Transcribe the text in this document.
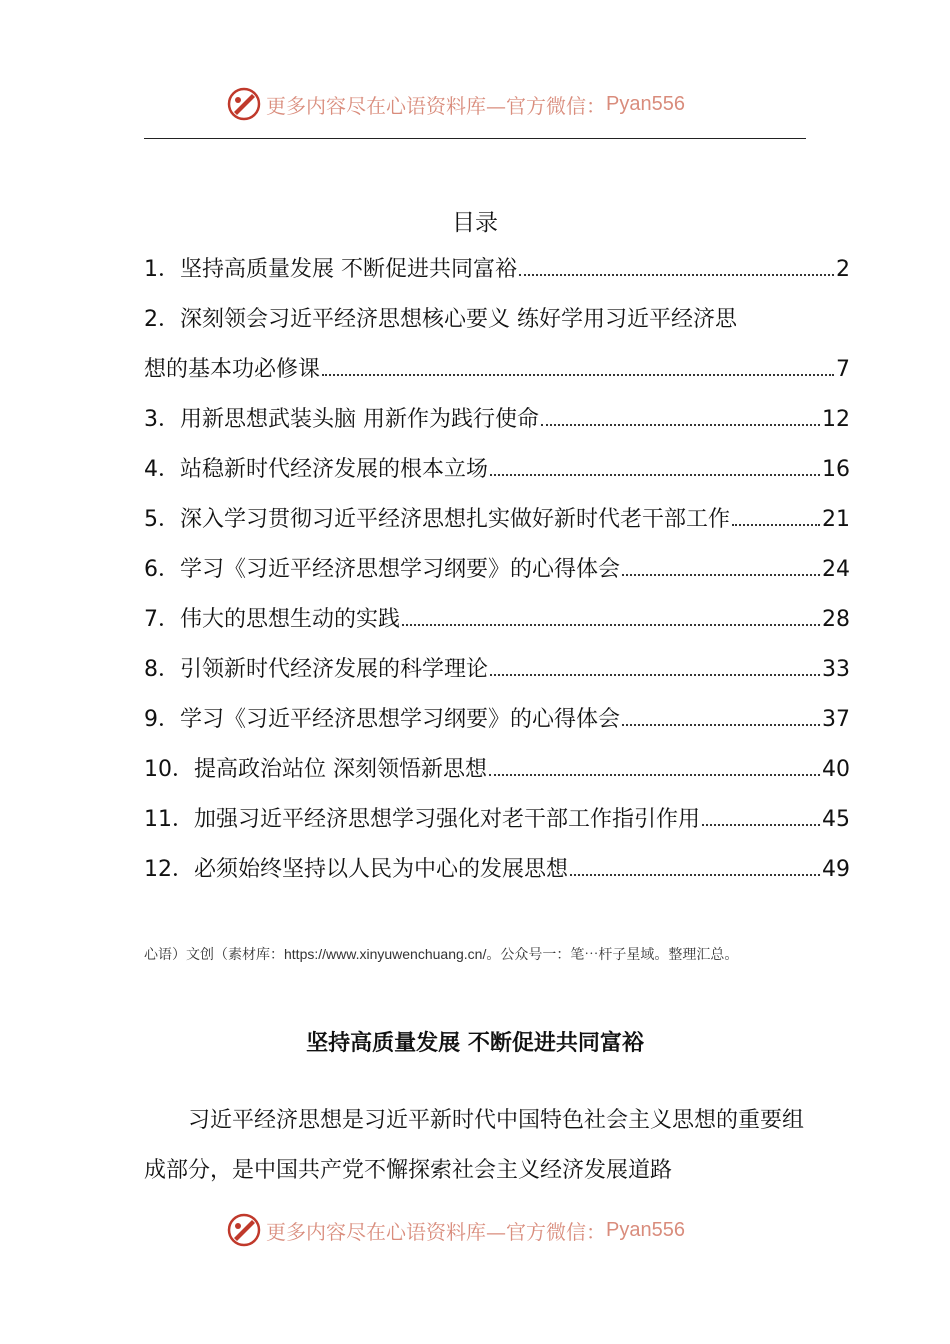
更多内容尽在心语资料库—官方微信： Pyan556
目录
1． 坚持高质量发展 不断促进共同富裕	2
2． 深刻领会习近平经济思想核心要义 练好学用习近平经济思
想的基本功必修课	7
3． 用新思想武装头脑 用新作为践行使命	12
4． 站稳新时代经济发展的根本立场	16
5． 深入学习贯彻习近平经济思想扎实做好新时代老干部工作	21
6． 学习《习近平经济思想学习纲要》的心得体会	24
7． 伟大的思想生动的实践	28
8． 引领新时代经济发展的科学理论	33
9． 学习《习近平经济思想学习纲要》的心得体会	37
10． 提高政治站位 深刻领悟新思想	40
11． 加强习近平经济思想学习强化对老干部工作指引作用	45
12． 必须始终坚持以人民为中心的发展思想	49
心语）文创（素材库：https://www.xinyuwenchuang.cn/。公众号一：笔⋯杆子星域。整理汇总。
坚持高质量发展 不断促进共同富裕
习近平经济思想是习近平新时代中国特色社会主义思想的重要组成部分，是中国共产党不懈探索社会主义经济发展道路
更多内容尽在心语资料库—官方微信： Pyan556
